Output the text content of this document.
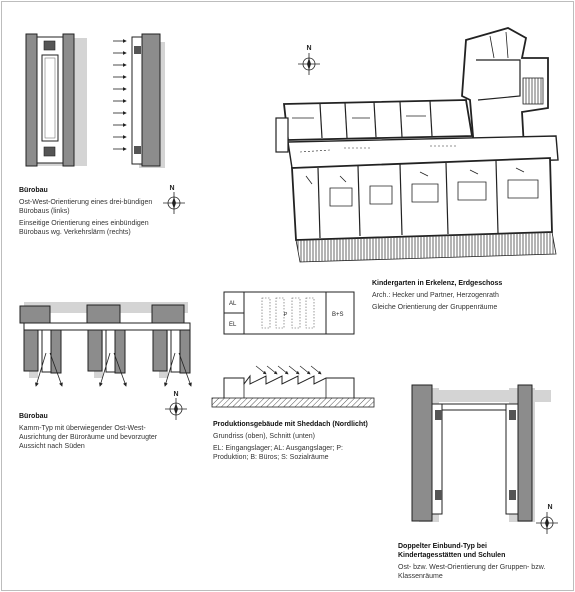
N
N
N
AL
EL
P	B+S
N
Bürobau
Ost-West-Orientierung eines drei-bündigen Bürobaus (links)
Einseitige Orientierung eines einbündigen Bürobaus wg. Verkehrslärm (rechts)
Kindergarten in Erkelenz, Erdgeschoss
Arch.: Hecker und Partner, Herzogenrath
Gleiche Orientierung der Gruppenräume
Bürobau
Kamm-Typ mit überwiegender Ost-West-Ausrichtung der Büroräume und bevorzugter Aussicht nach Süden
Produktionsgebäude mit Sheddach (Nordlicht)
Grundriss (oben), Schnitt (unten)
EL: Eingangslager; AL: Ausgangslager; P: Produktion; B: Büros; S: Sozialräume
Doppelter Einbund-Typ bei Kindertagesstätten und Schulen
Ost- bzw. West-Orientierung der Gruppen- bzw. Klassenräume
